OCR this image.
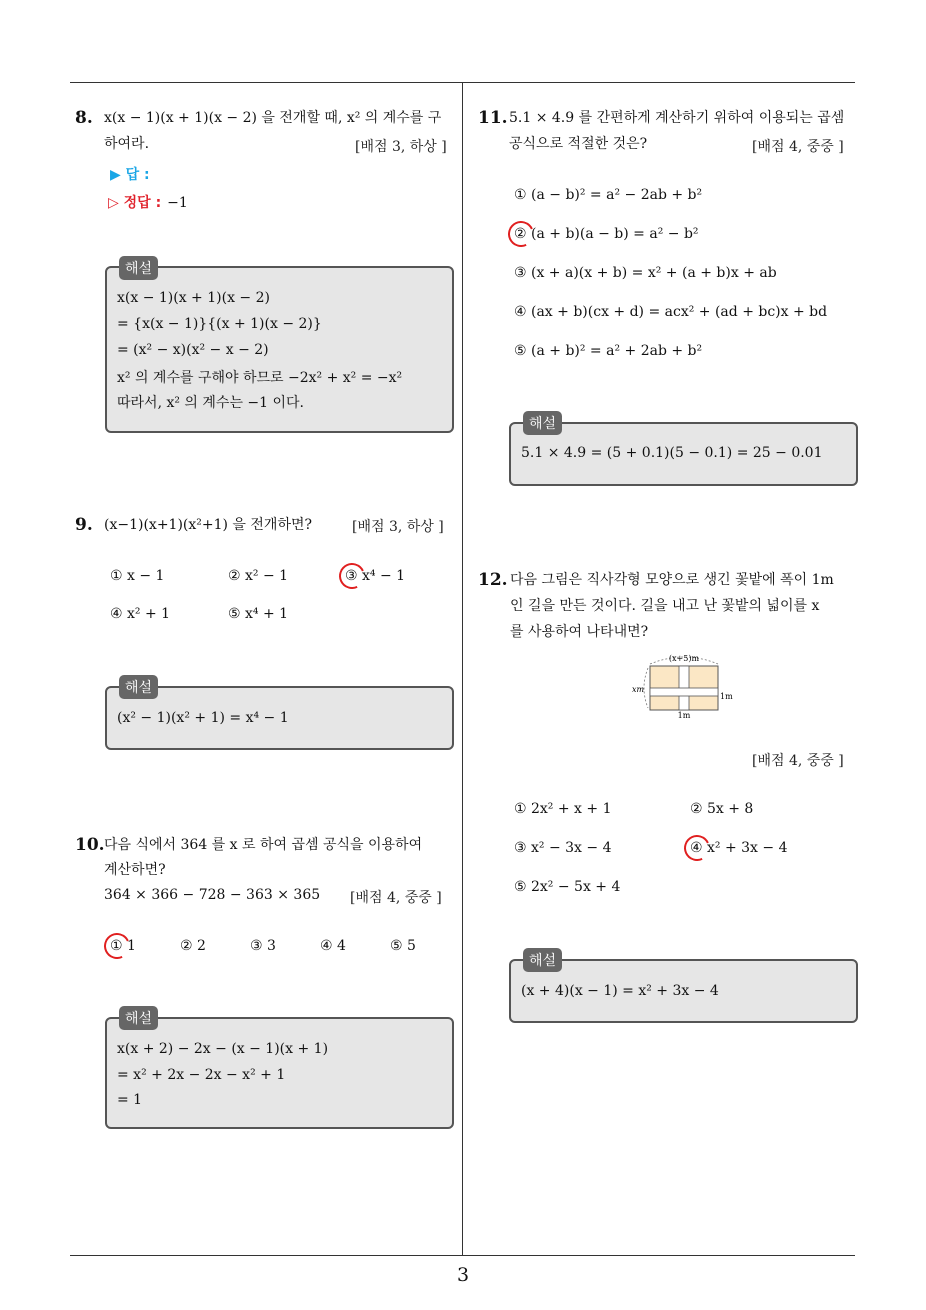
3
8. x(x − 1)(x + 1)(x − 2) 을 전개할 때, x² 의 계수를 구
하여라.	[배점 3, 하상 ]
▶ 답 :
▷ 정답 : −1
해설
x(x − 1)(x + 1)(x − 2)
= {x(x − 1)}{(x + 1)(x − 2)}
= (x² − x)(x² − x − 2)
x² 의 계수를 구해야 하므로 −2x² + x² = −x²
따라서, x² 의 계수는 −1 이다.
9. (x−1)(x+1)(x²+1) 을 전개하면?	[배점 3, 하상 ]
① x − 1	② x² − 1	③ x⁴ − 1
④ x² + 1	⑤ x⁴ + 1
해설
(x² − 1)(x² + 1) = x⁴ − 1
10. 다음 식에서 364 를 x 로 하여 곱셈 공식을 이용하여
계산하면?
364 × 366 − 728 − 363 × 365 [배점 4, 중중 ]
① 1	② 2	③ 3	④ 4	⑤ 5
해설
x(x + 2) − 2x − (x − 1)(x + 1)
= x² + 2x − 2x − x² + 1
= 1
11. 5.1 × 4.9 를 간편하게 계산하기 위하여 이용되는 곱셈
공식으로 적절한 것은?	[배점 4, 중중 ]
① (a − b)² = a² − 2ab + b²
② (a + b)(a − b) = a² − b²
③ (x + a)(x + b) = x² + (a + b)x + ab
④ (ax + b)(cx + d) = acx² + (ad + bc)x + bd
⑤ (a + b)² = a² + 2ab + b²
해설
5.1 × 4.9 = (5 + 0.1)(5 − 0.1) = 25 − 0.01
12. 다음 그림은 직사각형 모양으로 생긴 꽃밭에 폭이 1m
인 길을 만든 것이다. 길을 내고 난 꽃밭의 넓이를 x
를 사용하여 나타내면?
(x+5)m
xm
1m
1m
[배점 4, 중중 ]
① 2x² + x + 1	② 5x + 8
③ x² − 3x − 4	④ x² + 3x − 4
⑤ 2x² − 5x + 4
해설
(x + 4)(x − 1) = x² + 3x − 4
